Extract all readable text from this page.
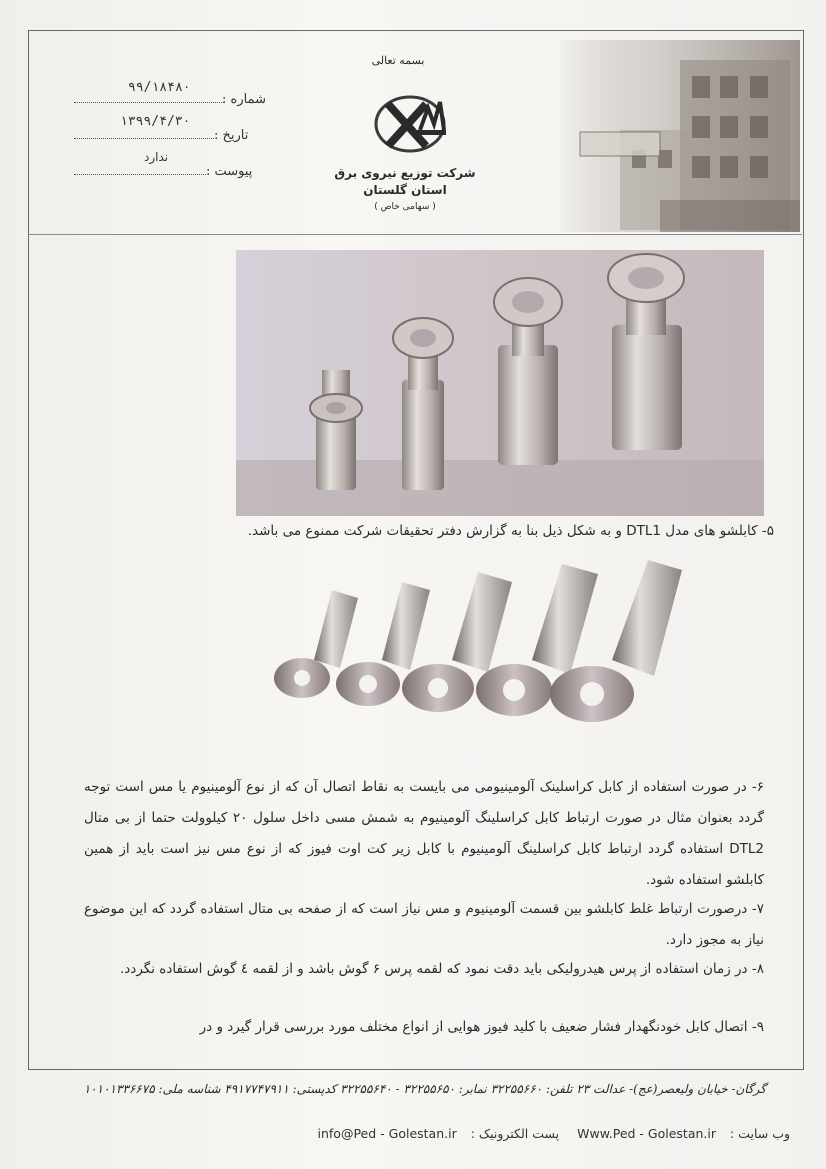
۹۹/۱۸۴۸۰
شماره :
۱۳۹۹/۴/۳۰
تاریخ :
ندارد
پیوست :
بسمه تعالی
شرکت توزیع نیروی برق
استان گلستان
( سهامی خاص )
۵- کابلشو های مدل DTL1 و به شکل ذیل بنا به گزارش دفتر تحقیقات شرکت ممنوع می باشد.
۶- در صورت استفاده از کابل کراسلینک آلومینیومی می بایست به نقاط اتصال آن که از نوع آلومینیوم یا مس است توجه گردد بعنوان مثال در صورت ارتباط کابل کراسلینگ آلومینیوم به شمش مسی داخل سلول ۲۰ کیلوولت حتما از بی متال DTL2 استفاده گردد ارتباط کابل کراسلینگ آلومینیوم با کابل زیر کت اوت فیوز که از نوع مس نیز است باید از همین کابلشو استفاده شود.
۷- درصورت ارتباط غلط کابلشو بین قسمت آلومینیوم و مس نیاز است که از صفحه بی متال استفاده گردد که این موضوع نیاز به مجوز دارد.
۸- در زمان استفاده از پرس هیدرولیکی باید دقت نمود که لقمه پرس ۶ گوش باشد و از لقمه ٤ گوش استفاده نگردد.
۹- اتصال کابل خودنگهدار فشار ضعیف با کلید فیوز هوایی از انواع مختلف مورد بررسی قرار گیرد و در
گرگان- خیابان ولیعصر(عج)- عدالت ۲۳ تلفن: ۳۲۲۵۵۶۶۰ نمابر: ۳۲۲۵۵۶۵۰ - ۳۲۲۵۵۶۴۰ کدپستی: ۴۹۱۷۷۴۷۹۱۱ شناسه ملی: ۱۰۱۰۱۳۳۶۶۷۵
وب سایت :Www.Ped - Golestan.ir پست الکترونیک :info@Ped - Golestan.ir
